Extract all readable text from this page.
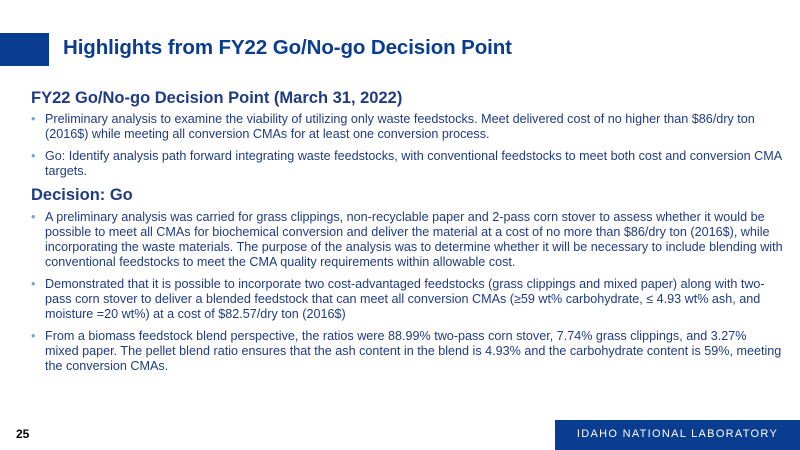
Highlights from FY22 Go/No-go Decision Point
FY22 Go/No-go Decision Point (March 31, 2022)
• Preliminary analysis to examine the viability of utilizing only waste feedstocks. Meet delivered cost of no higher than $86/dry ton (2016$) while meeting all conversion CMAs for at least one conversion process.
• Go: Identify analysis path forward integrating waste feedstocks, with conventional feedstocks to meet both cost and conversion CMA targets.
Decision: Go
• A preliminary analysis was carried for grass clippings, non-recyclable paper and 2-pass corn stover to assess whether it would be possible to meet all CMAs for biochemical conversion and deliver the material at a cost of no more than $86/dry ton (2016$), while incorporating the waste materials. The purpose of the analysis was to determine whether it will be necessary to include blending with conventional feedstocks to meet the CMA quality requirements within allowable cost.
• Demonstrated that it is possible to incorporate two cost-advantaged feedstocks (grass clippings and mixed paper) along with two-pass corn stover to deliver a blended feedstock that can meet all conversion CMAs (≥59 wt% carbohydrate, ≤ 4.93 wt% ash, and moisture =20 wt%) at a cost of $82.57/dry ton (2016$)
• From a biomass feedstock blend perspective, the ratios were 88.99% two-pass corn stover, 7.74% grass clippings, and 3.27% mixed paper. The pellet blend ratio ensures that the ash content in the blend is 4.93% and the carbohydrate content is 59%, meeting the conversion CMAs.
25	IDAHO NATIONAL LABORATORY
